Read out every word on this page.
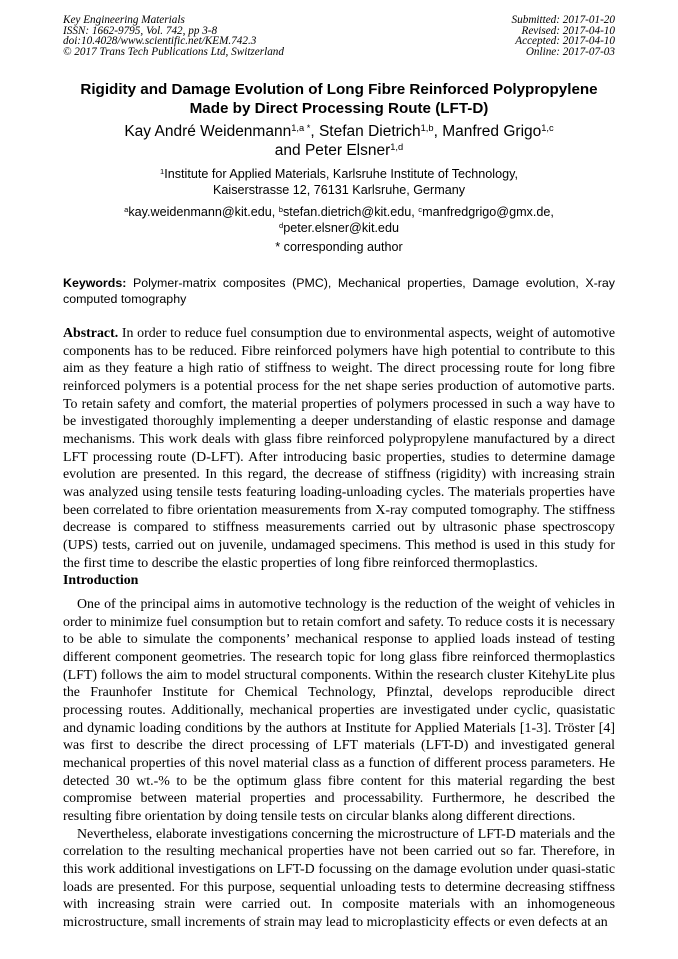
Key Engineering Materials
ISSN: 1662-9795, Vol. 742, pp 3-8
doi:10.4028/www.scientific.net/KEM.742.3
© 2017 Trans Tech Publications Ltd, Switzerland
Submitted: 2017-01-20
Revised: 2017-04-10
Accepted: 2017-04-10
Online: 2017-07-03
Rigidity and Damage Evolution of Long Fibre Reinforced Polypropylene
Made by Direct Processing Route (LFT-D)
Kay André Weidenmann$^{1,a *}$, Stefan Dietrich$^{1,b}$, Manfred Grigo$^{1,c}$
and Peter Elsner$^{1,d}$
$^1$Institute for Applied Materials, Karlsruhe Institute of Technology,
Kaiserstrasse 12, 76131 Karlsruhe, Germany
$^a$kay.weidenmann@kit.edu, $^b$stefan.dietrich@kit.edu, $^c$manfredgrigo@gmx.de,
$^d$peter.elsner@kit.edu
* corresponding author
Keywords: Polymer-matrix composites (PMC), Mechanical properties, Damage evolution, X-ray computed tomography
Abstract. In order to reduce fuel consumption due to environmental aspects, weight of automotive components has to be reduced. Fibre reinforced polymers have high potential to contribute to this aim as they feature a high ratio of stiffness to weight. The direct processing route for long fibre reinforced polymers is a potential process for the net shape series production of automotive parts. To retain safety and comfort, the material properties of polymers processed in such a way have to be investigated thoroughly implementing a deeper understanding of elastic response and damage mechanisms. This work deals with glass fibre reinforced polypropylene manufactured by a direct LFT processing route (D-LFT). After introducing basic properties, studies to determine damage evolution are presented. In this regard, the decrease of stiffness (rigidity) with increasing strain was analyzed using tensile tests featuring loading-unloading cycles. The materials properties have been correlated to fibre orientation measurements from X-ray computed tomography. The stiffness decrease is compared to stiffness measurements carried out by ultrasonic phase spectroscopy (UPS) tests, carried out on juvenile, undamaged specimens. This method is used in this study for the first time to describe the elastic properties of long fibre reinforced thermoplastics.
Introduction

One of the principal aims in automotive technology is the reduction of the weight of vehicles in order to minimize fuel consumption but to retain comfort and safety. To reduce costs it is necessary to be able to simulate the components’ mechanical response to applied loads instead of testing different component geometries. The research topic for long glass fibre reinforced thermoplastics (LFT) follows the aim to model structural components. Within the research cluster KitehyLite plus the Fraunhofer Institute for Chemical Technology, Pfinztal, develops reproducible direct processing routes. Additionally, mechanical properties are investigated under cyclic, quasistatic and dynamic loading conditions by the authors at Institute for Applied Materials [1-3]. Tröster [4] was first to describe the direct processing of LFT materials (LFT-D) and investigated general mechanical properties of this novel material class as a function of different process parameters. He detected 30 wt.-% to be the optimum glass fibre content for this material regarding the best compromise between material properties and processability. Furthermore, he described the resulting fibre orientation by doing tensile tests on circular blanks along different directions.

Nevertheless, elaborate investigations concerning the microstructure of LFT-D materials and the correlation to the resulting mechanical properties have not been carried out so far. Therefore, in this work additional investigations on LFT-D focussing on the damage evolution under quasi-static loads are presented. For this purpose, sequential unloading tests to determine decreasing stiffness with increasing strain were carried out. In composite materials with an inhomogeneous microstructure, small increments of strain may lead to microplasticity effects or even defects at an
